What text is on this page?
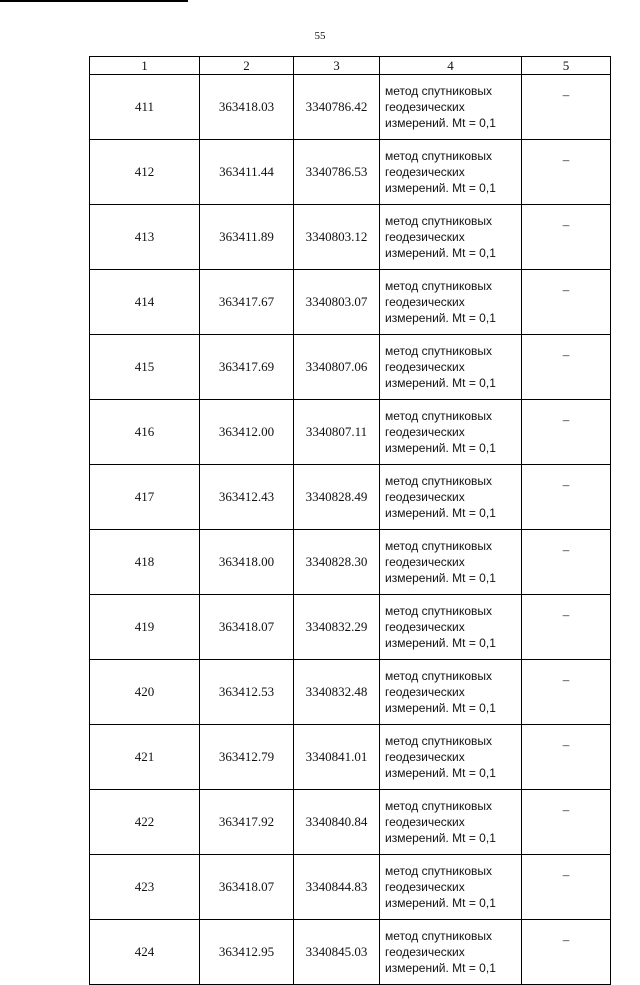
55
1	2	3	4	5
411	363418.03	3340786.42	метод спутниковых
геодезических
измерений. Mt = 0,1	–
412	363411.44	3340786.53	метод спутниковых
геодезических
измерений. Mt = 0,1	–
413	363411.89	3340803.12	метод спутниковых
геодезических
измерений. Mt = 0,1	–
414	363417.67	3340803.07	метод спутниковых
геодезических
измерений. Mt = 0,1	–
415	363417.69	3340807.06	метод спутниковых
геодезических
измерений. Mt = 0,1	–
416	363412.00	3340807.11	метод спутниковых
геодезических
измерений. Mt = 0,1	–
417	363412.43	3340828.49	метод спутниковых
геодезических
измерений. Mt = 0,1	–
418	363418.00	3340828.30	метод спутниковых
геодезических
измерений. Mt = 0,1	–
419	363418.07	3340832.29	метод спутниковых
геодезических
измерений. Mt = 0,1	–
420	363412.53	3340832.48	метод спутниковых
геодезических
измерений. Mt = 0,1	–
421	363412.79	3340841.01	метод спутниковых
геодезических
измерений. Mt = 0,1	–
422	363417.92	3340840.84	метод спутниковых
геодезических
измерений. Mt = 0,1	–
423	363418.07	3340844.83	метод спутниковых
геодезических
измерений. Mt = 0,1	–
424	363412.95	3340845.03	метод спутниковых
геодезических
измерений. Mt = 0,1	–
